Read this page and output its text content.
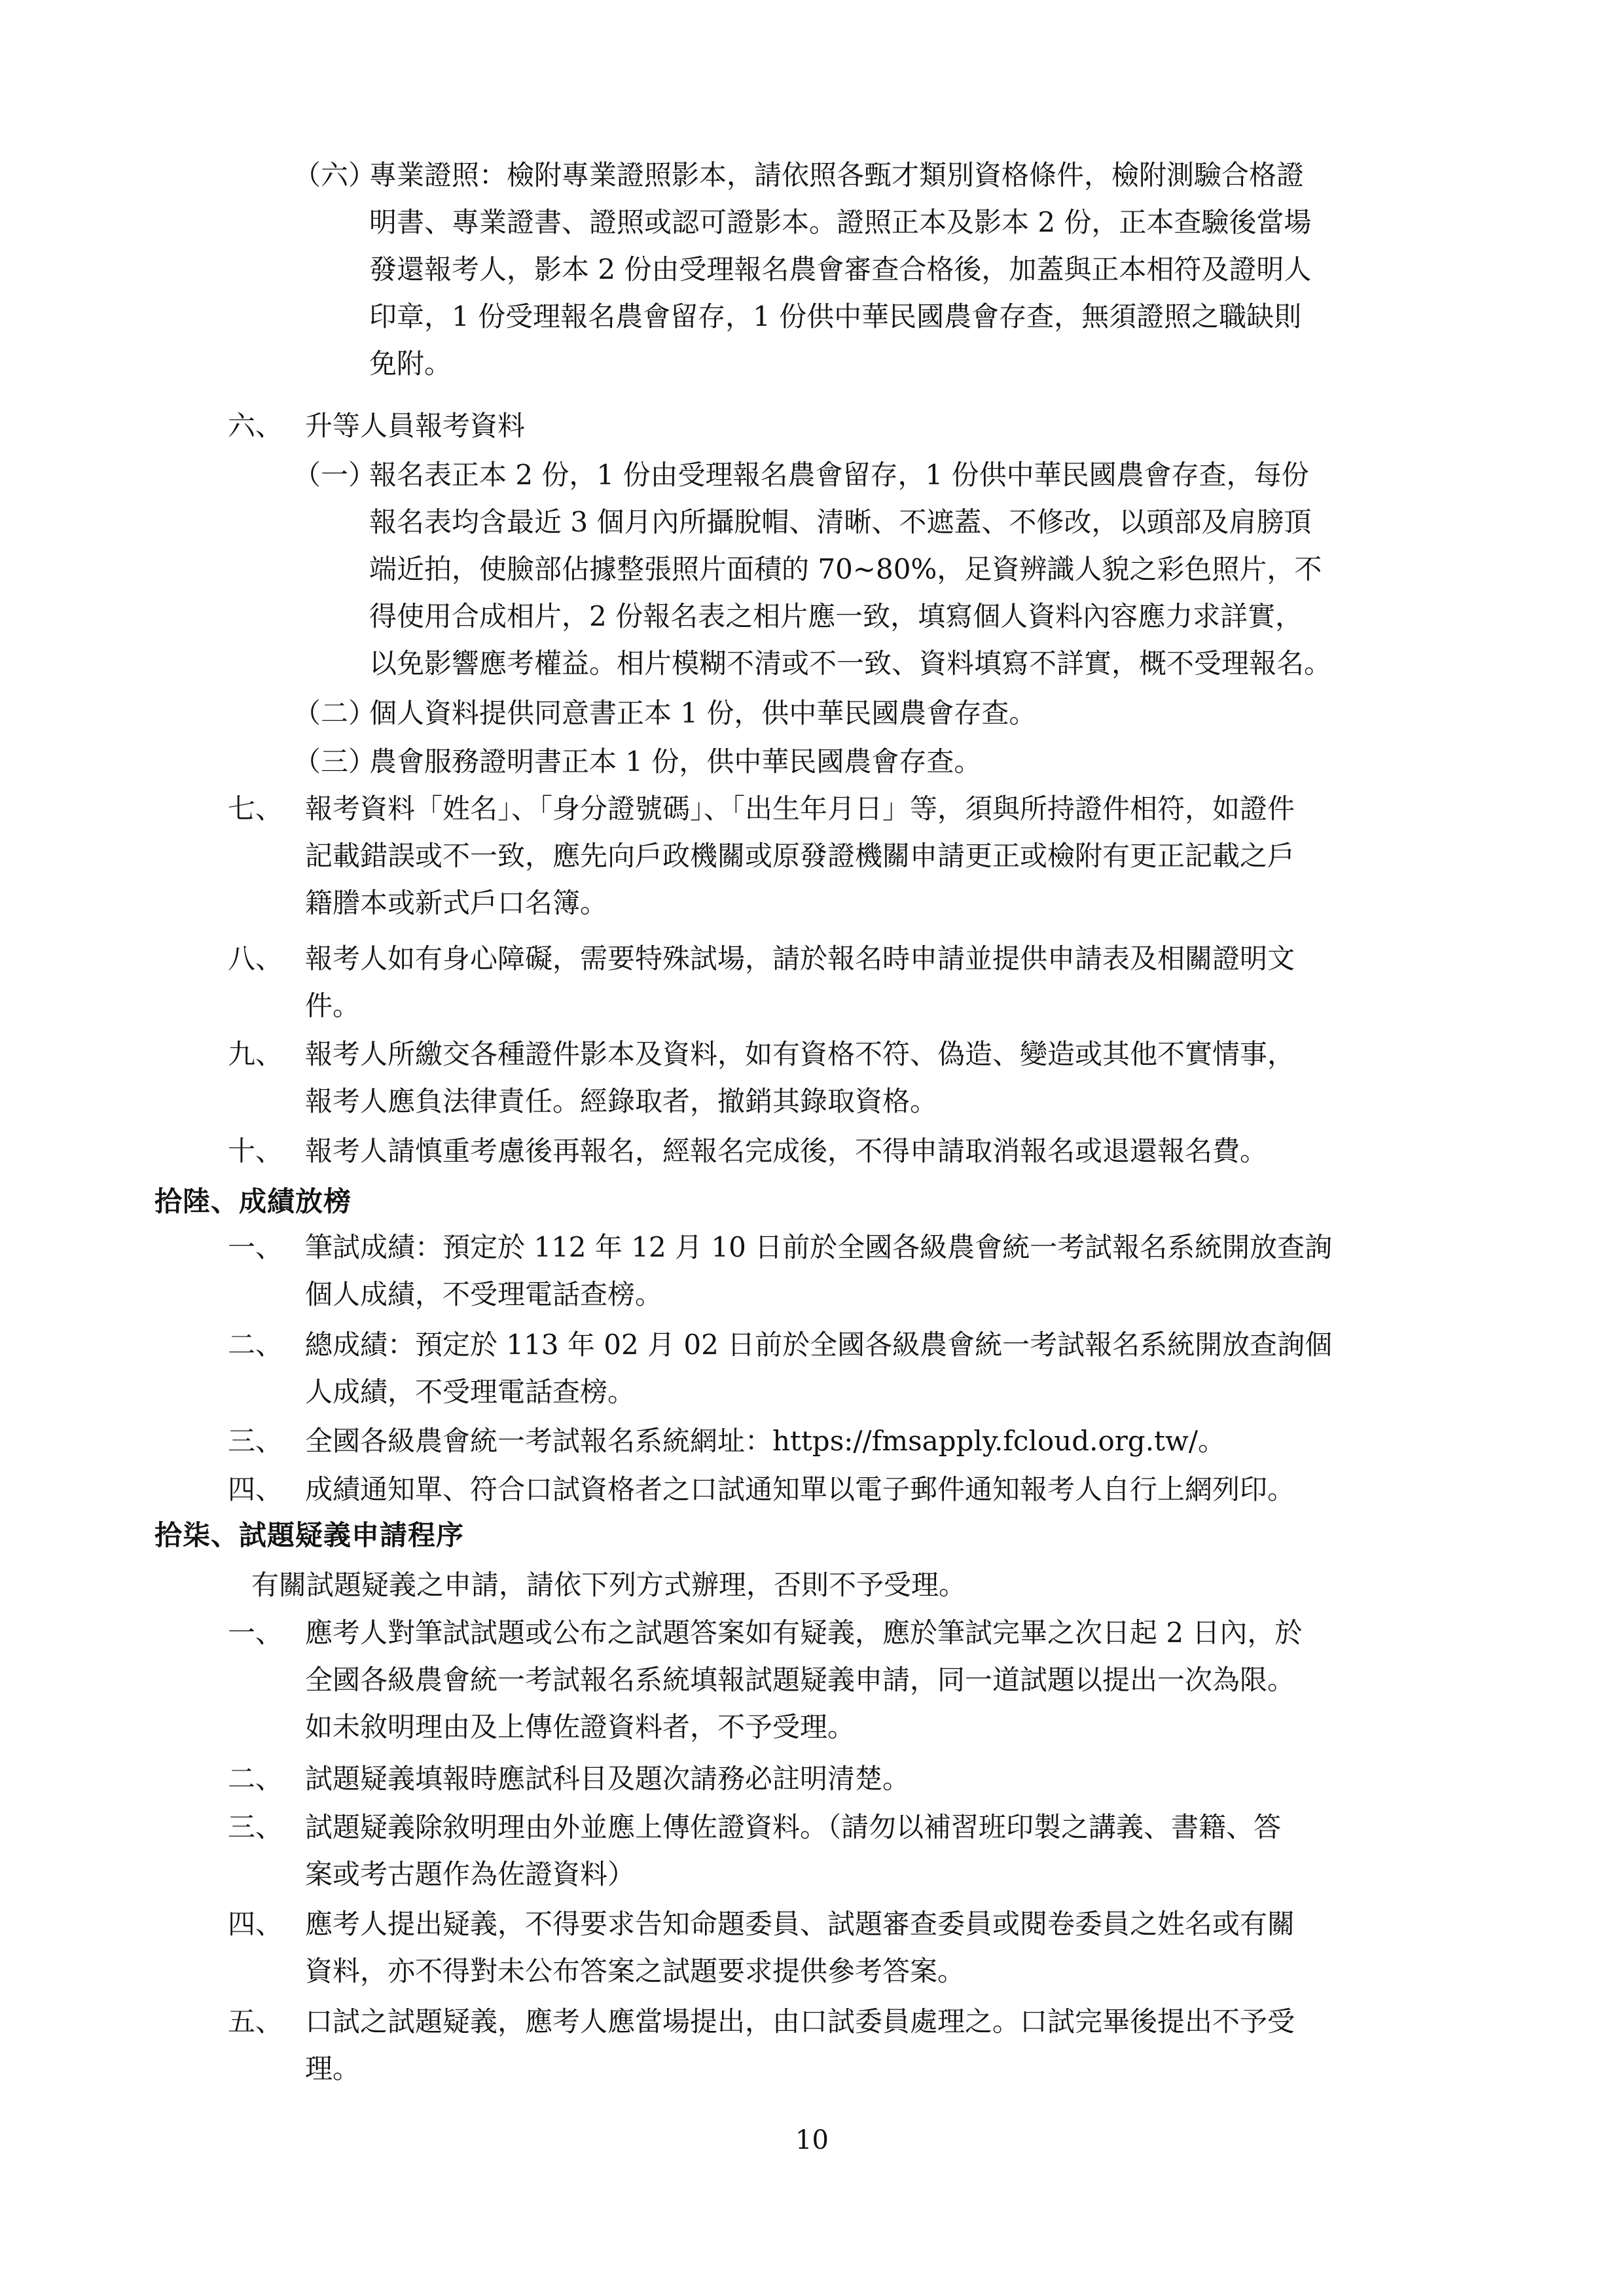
（六）
專業證照：檢附專業證照影本，請依照各甄才類別資格條件，檢附測驗合格證
明書、專業證書、證照或認可證影本。證照正本及影本 2 份，正本查驗後當場
發還報考人，影本 2 份由受理報名農會審查合格後，加蓋與正本相符及證明人
印章，1 份受理報名農會留存，1 份供中華民國農會存查，無須證照之職缺則
免附。
六、 升等人員報考資料
（一）
報名表正本 2 份，1 份由受理報名農會留存，1 份供中華民國農會存查，每份
報名表均含最近 3 個月內所攝脫帽、清晰、不遮蓋、不修改，以頭部及肩膀頂
端近拍，使臉部佔據整張照片面積的 70~80%，足資辨識人貌之彩色照片，不
得使用合成相片，2 份報名表之相片應一致，填寫個人資料內容應力求詳實，
以免影響應考權益。相片模糊不清或不一致、資料填寫不詳實，概不受理報名。
（二）
個人資料提供同意書正本 1 份，供中華民國農會存查。
（三）
農會服務證明書正本 1 份，供中華民國農會存查。
七、 報考資料「姓名」、「身分證號碼」、「出生年月日」等，須與所持證件相符，如證件
記載錯誤或不一致，應先向戶政機關或原發證機關申請更正或檢附有更正記載之戶
籍謄本或新式戶口名簿。
八、 報考人如有身心障礙，需要特殊試場，請於報名時申請並提供申請表及相關證明文
件。
九、 報考人所繳交各種證件影本及資料，如有資格不符、偽造、變造或其他不實情事，
報考人應負法律責任。經錄取者，撤銷其錄取資格。
十、 報考人請慎重考慮後再報名，經報名完成後，不得申請取消報名或退還報名費。
拾陸、成績放榜
一、 筆試成績：預定於 112 年 12 月 10 日前於全國各級農會統一考試報名系統開放查詢
個人成績，不受理電話查榜。
二、 總成績：預定於 113 年 02 月 02 日前於全國各級農會統一考試報名系統開放查詢個
人成績，不受理電話查榜。
三、 全國各級農會統一考試報名系統網址：https://fmsapply.fcloud.org.tw/。
四、 成績通知單、符合口試資格者之口試通知單以電子郵件通知報考人自行上網列印。
拾柒、試題疑義申請程序
有關試題疑義之申請，請依下列方式辦理，否則不予受理。
一、 應考人對筆試試題或公布之試題答案如有疑義，應於筆試完畢之次日起 2 日內，於
全國各級農會統一考試報名系統填報試題疑義申請，同一道試題以提出一次為限。
如未敘明理由及上傳佐證資料者，不予受理。
二、 試題疑義填報時應試科目及題次請務必註明清楚。
三、 試題疑義除敘明理由外並應上傳佐證資料。（請勿以補習班印製之講義、書籍、答
案或考古題作為佐證資料）
四、 應考人提出疑義，不得要求告知命題委員、試題審查委員或閱卷委員之姓名或有關
資料，亦不得對未公布答案之試題要求提供參考答案。
五、 口試之試題疑義，應考人應當場提出，由口試委員處理之。口試完畢後提出不予受
理。
10
